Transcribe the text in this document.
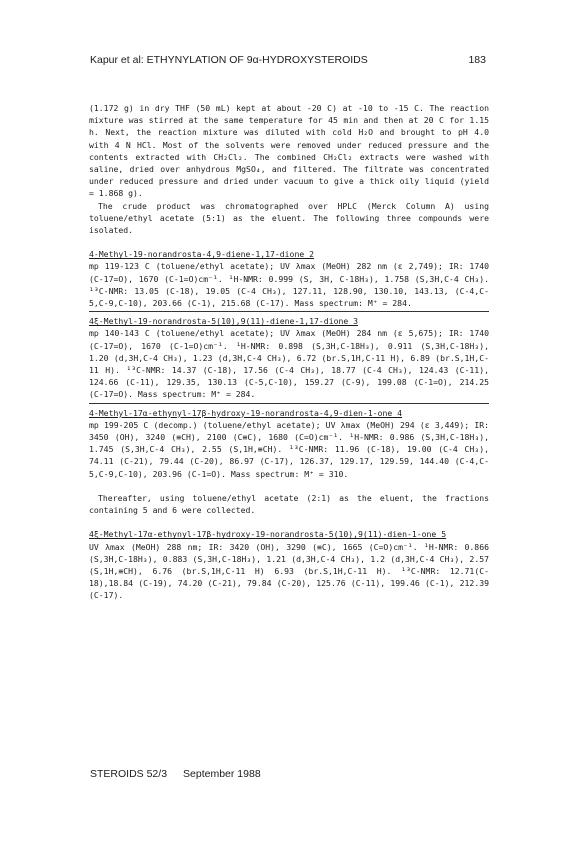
Kapur et al: ETHYNYLATION OF 9α-HYDROXYSTEROIDS	183

(1.172 g) in dry THF (50 mL) kept at about -20 C) at -10 to -15 C. The reaction mixture was stirred at the same temperature for 45 min and then at 20 C for 1.15 h. Next, the reaction mixture was diluted with cold H₂O and brought to pH 4.0 with 4 N HCl. Most of the solvents were removed under reduced pressure and the contents extracted with CH₂Cl₂. The combined CH₂Cl₂ extracts were washed with saline, dried over anhydrous MgSO₄, and filtered. The filtrate was concentrated under reduced pressure and dried under vacuum to give a thick oily liquid (yield = 1.868 g).

The crude product was chromatographed over HPLC (Merck Column A) using toluene/ethyl acetate (5:1) as the eluent. The following three compounds were isolated.

4-Methyl-19-norandrosta-4,9-diene-1,17-dione 2

mp 119-123 C (toluene/ethyl acetate); UV λmax (MeOH) 282 nm (ε 2,749); IR: 1740 (C-17=O), 1670 (C-1=O)cm⁻¹. ¹H-NMR: 0.999 (S, 3H, C-18H₃), 1.758 (S,3H,C-4 CH₃). ¹³C-NMR: 13.05 (C-18), 19.05 (C-4 CH₃), 127.11, 128.90, 130.10, 143.13, (C-4,C-5,C-9,C-10), 203.66 (C-1), 215.68 (C-17). Mass spectrum: M⁺ = 284.

4ξ-Methyl-19-norandrosta-5(10),9(11)-diene-1,17-dione 3

mp 140-143 C (toluene/ethyl acetate); UV λmax (MeOH) 284 nm (ε 5,675); IR: 1740 (C-17=O), 1670 (C-1=O)cm⁻¹. ¹H-NMR: 0.898 (S,3H,C-18H₃), 0.911 (S,3H,C-18H₃), 1.20 (d,3H,C-4 CH₃), 1.23 (d,3H,C-4 CH₃), 6.72 (br.S,1H,C-11 H), 6.89 (br.S,1H,C-11 H). ¹³C-NMR: 14.37 (C-18), 17.56 (C-4 CH₃), 18.77 (C-4 CH₃), 124.43 (C-11), 124.66 (C-11), 129.35, 130.13 (C-5,C-10), 159.27 (C-9), 199.08 (C-1=O), 214.25 (C-17=O). Mass spectrum: M⁺ = 284.

4-Methyl-17α-ethynyl-17β-hydroxy-19-norandrosta-4,9-dien-1-one 4

mp 199-205 C (decomp.) (toluene/ethyl acetate); UV λmax (MeOH) 294 (ε 3,449); IR: 3450 (OH), 3240 (≡CH), 2100 (C≡C), 1680 (C=O)cm⁻¹. ¹H-NMR: 0.986 (S,3H,C-18H₃), 1.745 (S,3H,C-4 CH₃), 2.55 (S,1H,≡CH). ¹³C-NMR: 11.96 (C-18), 19.00 (C-4 CH₃), 74.11 (C-21), 79.44 (C-20), 86.97 (C-17), 126.37, 129.17, 129.59, 144.40 (C-4,C-5,C-9,C-10), 203.96 (C-1=O). Mass spectrum: M⁺ = 310.

Thereafter, using toluene/ethyl acetate (2:1) as the eluent, the fractions containing 5 and 6 were collected.

4ξ-Methyl-17α-ethynyl-17β-hydroxy-19-norandrosta-5(10),9(11)-dien-1-one 5

UV λmax (MeOH) 288 nm; IR: 3420 (OH), 3290 (≡C), 1665 (C=O)cm⁻¹. ¹H-NMR: 0.866 (S,3H,C-18H₃), 0.883 (S,3H,C-18H₃), 1.21 (d,3H,C-4 CH₃), 1.2 (d,3H,C-4 CH₃), 2.57 (S,1H,≡CH), 6.76 (br.S,1H,C-11 H) 6.93 (br.S,1H,C-11 H). ¹³C-NMR: 12.71(C-18),18.84 (C-19), 74.20 (C-21), 79.84 (C-20), 125.76 (C-11), 199.46 (C-1), 212.39 (C-17).

STEROIDS 52/3 September 1988
